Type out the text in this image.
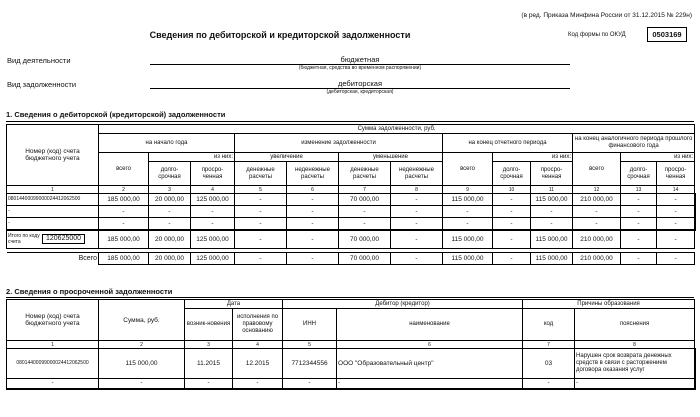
(в ред. Приказа Минфина России от 31.12.2015 № 229н)
Сведения по дебиторской и кредиторской задолженности	Код формы по ОКУД	0503169
Вид деятельности	бюджетная
(бюджетная, средства во временном распоряжении)
Вид задолженности	дебиторская
(дебиторская, кредиторская)
1. Сведения о дебиторской (кредиторской) задолженности
Номер (код) счета бюджетного учета	Сумма задолженности, руб.												
	на начало года			изменение задолженности				на конец отчетного периода			на конец аналогичного периода прошлого финансового года		
	всего	из них:		увеличение		уменьшение		всего	из них:		всего	из них:	
		долго-срочная	просро-ченная	денежные расчеты	неденежные расчеты	денежные расчеты	неденежные расчеты		долго-срочная	просро-ченная		долго-срочная	просро-ченная
1	2	3	4	5	6	7	8	9	10	11	12	13	14
08014400099000024412062500	185 000,00	20 000,00	125 000,00	-	-	70 000,00	-	115 000,00	-	115 000,00	210 000,00	-	-
-	-	-	-	-	-	-	-	-	-	-	-	-	-
-	-	-	-	-	-	-	-	-	-	-	-	-	-
Итого по коду счета 120625000	185 000,00	20 000,00	125 000,00	-	-	70 000,00	-	115 000,00	-	115 000,00	210 000,00	-	-

Всего	185 000,00	20 000,00	125 000,00	-	-	70 000,00	-	115 000,00	-	115 000,00	210 000,00	-	-
2. Сведения о просроченной задолженности
Номер (код) счета бюджетного учета	Сумма, руб.	Дата		Дебитор (кредитор)		Причины образования	
		возник-новения	исполнения по правовому основанию	ИНН	наименование	код	пояснения
1	2	3	4	5	6	7	8
08014400099000024412062500	115 000,00	11.2015	12.2015	7712344556	ООО "Образовательный центр"	03	Нарушен срок возврата денежных средств в связи с расторжением договора оказания услуг
-	-	-	-	-	-	-	-
